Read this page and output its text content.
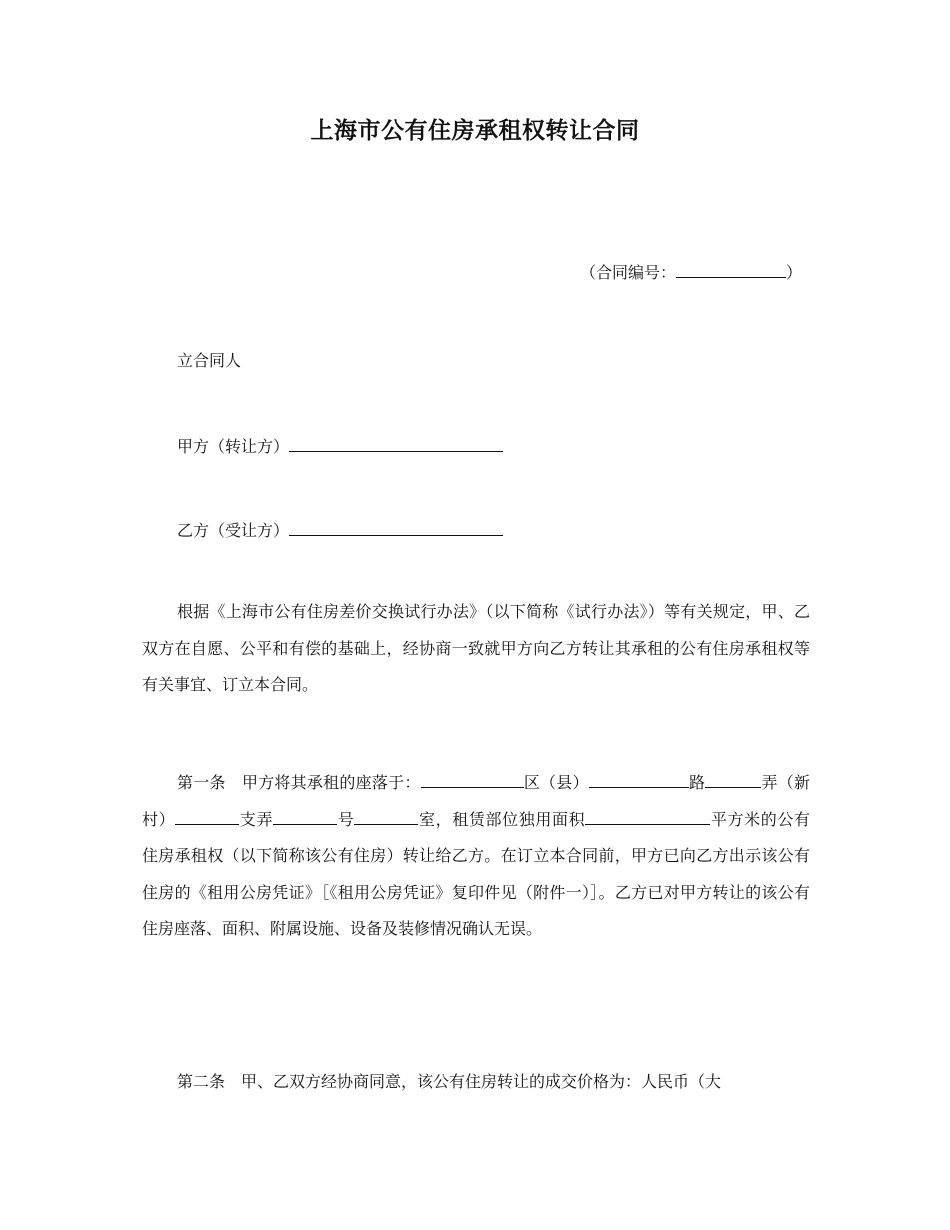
上海市公有住房承租权转让合同
（合同编号：	）
立合同人
甲方（转让方）
乙方（受让方）
根据《上海市公有住房差价交换试行办法》（以下简称《试行办法》）等有关规定，甲、乙双方在自愿、公平和有偿的基础上，经协商一致就甲方向乙方转让其承租的公有住房承租权等有关事宜、订立本合同。
第一条　甲方将其承租的座落于：	区（县）	路	弄（新村）	支弄	号	室，租赁部位独用面积	平方米的公有住房承租权（以下简称该公有住房）转让给乙方。在订立本合同前，甲方已向乙方出示该公有住房的《租用公房凭证》［《租用公房凭证》复印件见（附件一）］。乙方已对甲方转让的该公有住房座落、面积、附属设施、设备及装修情况确认无误。
第二条　甲、乙双方经协商同意，该公有住房转让的成交价格为：人民币（大
